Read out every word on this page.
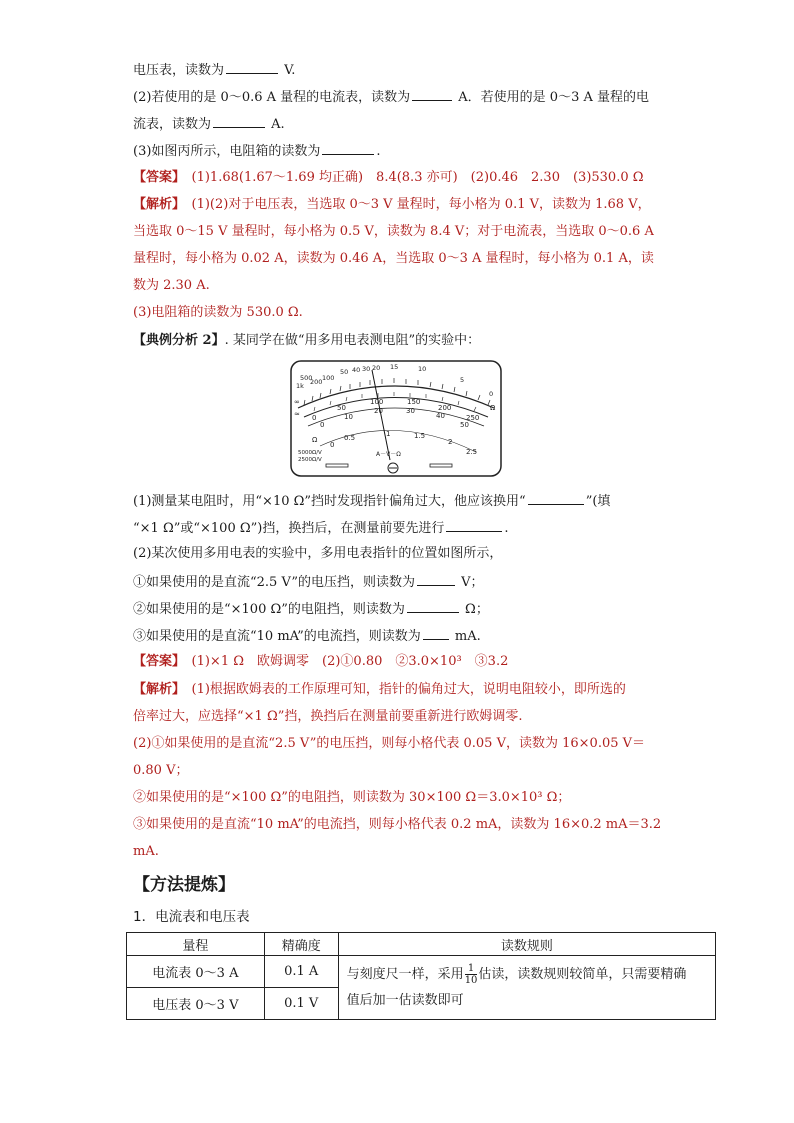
电压表，读数为	V.
(2)若使用的是 0～0.6 A 量程的电流表，读数为	A．若使用的是 0～3 A 量程的电
流表，读数为	A.
(3)如图丙所示，电阻箱的读数为	.
【答案】　(1)1.68(1.67～1.69 均正确)　8.4(8.3 亦可)　(2)0.46　2.30　(3)530.0 Ω
【解析】　(1)(2)对于电压表，当选取 0～3 V 量程时，每小格为 0.1 V，读数为 1.68 V，
当选取 0～15 V 量程时，每小格为 0.5 V，读数为 8.4 V；对于电流表，当选取 0～0.6 A
量程时，每小格为 0.02 A，读数为 0.46 A，当选取 0～3 A 量程时，每小格为 0.1 A，读
数为 2.30 A.
(3)电阻箱的读数为 530.0 Ω.
【典例分析 2】. 某同学在做“用多用电表测电阻”的实验中：
1k
500
200 100
50 40 30 20 15	10
5
0
Ω
0
50
100	150
200
250
0
10
20	30
40
50
0
0.5	1	1.5
2
2.5
∞
≈
Ω
5000Ω/V
2500Ω/V
A－V－Ω
(1)测量某电阻时，用“×10 Ω”挡时发现指针偏角过大，他应该换用“	”(填
“×1 Ω”或“×100 Ω”)挡，换挡后，在测量前要先进行	.
(2)某次使用多用电表的实验中，多用电表指针的位置如图所示，
①如果使用的是直流“2.5 V”的电压挡，则读数为	V；
②如果使用的是“×100 Ω”的电阻挡，则读数为	Ω；
③如果使用的是直流“10 mA”的电流挡，则读数为 mA.
【答案】　(1)×1 Ω　欧姆调零　(2)①0.80　②3.0×10³　③3.2
【解析】　(1)根据欧姆表的工作原理可知，指针的偏角过大，说明电阻较小，即所选的
倍率过大，应选择“×1 Ω”挡，换挡后在测量前要重新进行欧姆调零.
(2)①如果使用的是直流“2.5 V”的电压挡，则每小格代表 0.05 V，读数为 16×0.05 V＝
0.80 V；
②如果使用的是“×100 Ω”的电阻挡，则读数为 30×100 Ω＝3.0×10³ Ω；
③如果使用的是直流“10 mA”的电流挡，则每小格代表 0.2 mA，读数为 16×0.2 mA＝3.2
mA.
【方法提炼】
1．电流表和电压表
量程	精确度	读数规则
电流表 0～3 A	0.1 A	与刻度尺一样，采用 $\frac{1}{10}$ 估读，读数规则较简单，只需要精确
值后加一估读数即可
电压表 0～3 V	0.1 V	
